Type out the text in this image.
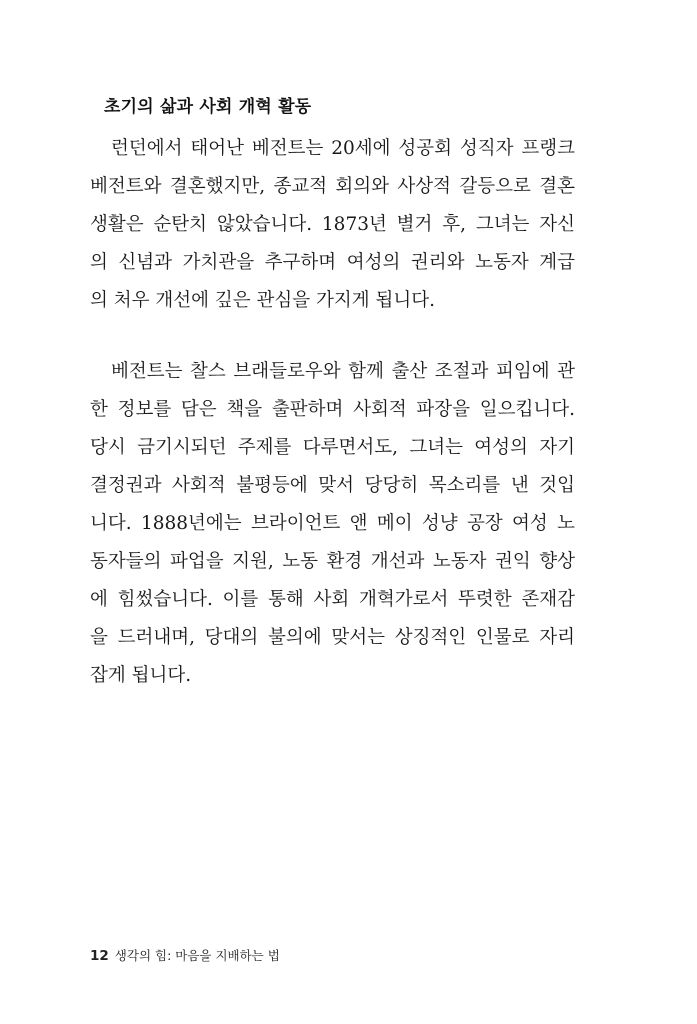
초기의 삶과 사회 개혁 활동
런던에서 태어난 베전트는 20세에 성공회 성직자 프랭크
베전트와 결혼했지만, 종교적 회의와 사상적 갈등으로 결혼
생활은 순탄치 않았습니다. 1873년 별거 후, 그녀는 자신
의 신념과 가치관을 추구하며 여성의 권리와 노동자 계급
의 처우 개선에 깊은 관심을 가지게 됩니다.
베전트는 찰스 브래들로우와 함께 출산 조절과 피임에 관
한 정보를 담은 책을 출판하며 사회적 파장을 일으킵니다.
당시 금기시되던 주제를 다루면서도, 그녀는 여성의 자기
결정권과 사회적 불평등에 맞서 당당히 목소리를 낸 것입
니다. 1888년에는 브라이언트 앤 메이 성냥 공장 여성 노
동자들의 파업을 지원, 노동 환경 개선과 노동자 권익 향상
에 힘썼습니다. 이를 통해 사회 개혁가로서 뚜렷한 존재감
을 드러내며, 당대의 불의에 맞서는 상징적인 인물로 자리
잡게 됩니다.
12 생각의 힘: 마음을 지배하는 법
